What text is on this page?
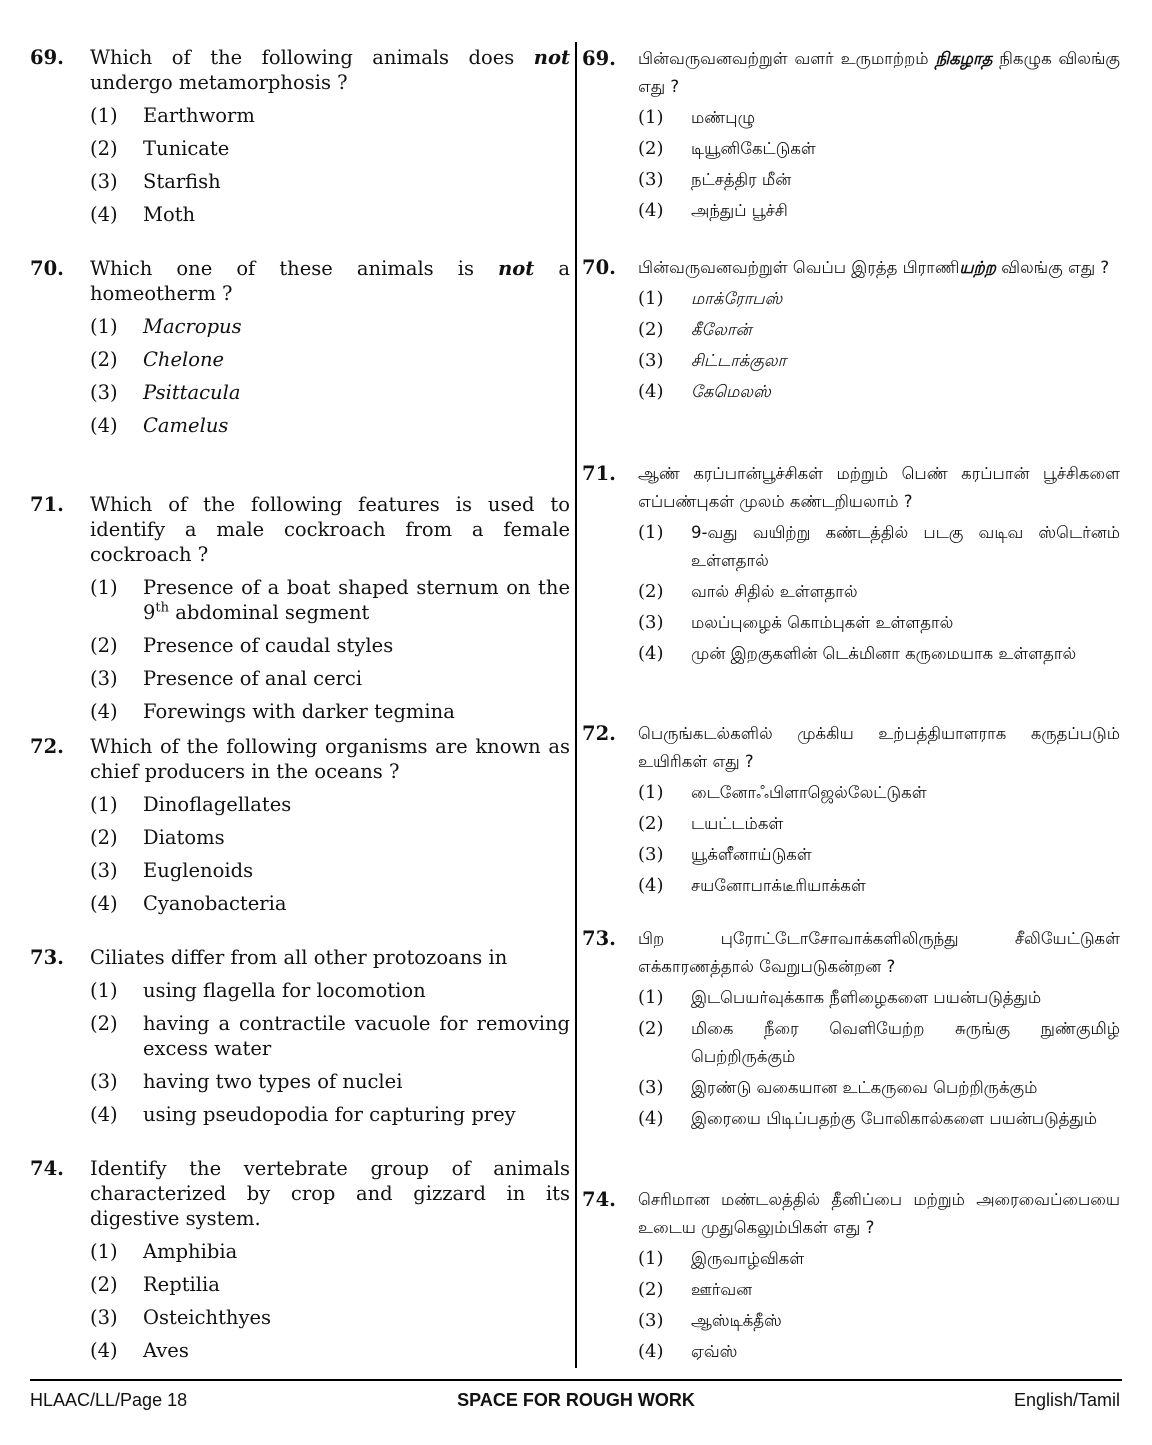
69. Which of the following animals does not undergo metamorphosis ?
(1) Earthworm
(2) Tunicate
(3) Starfish
(4) Moth
70. Which one of these animals is not a homeotherm ?
(1) Macropus
(2) Chelone
(3) Psittacula
(4) Camelus
71. Which of the following features is used to identify a male cockroach from a female cockroach ?
(1) Presence of a boat shaped sternum on the 9th abdominal segment
(2) Presence of caudal styles
(3) Presence of anal cerci
(4) Forewings with darker tegmina
72. Which of the following organisms are known as chief producers in the oceans ?
(1) Dinoflagellates
(2) Diatoms
(3) Euglenoids
(4) Cyanobacteria
73. Ciliates differ from all other protozoans in
(1) using flagella for locomotion
(2) having a contractile vacuole for removing excess water
(3) having two types of nuclei
(4) using pseudopodia for capturing prey
74. Identify the vertebrate group of animals characterized by crop and gizzard in its digestive system.
(1) Amphibia
(2) Reptilia
(3) Osteichthyes
(4) Aves
69. பின்வருவனவற்றுள் வளர் உருமாற்றம் நிகழாத நிகழுக விலங்கு எது ?
(1) மண்புழு
(2) டியூனிகேட்டுகள்
(3) நட்சத்திர மீன்
(4) அந்துப் பூச்சி
70. பின்வருவனவற்றுள் வெப்ப இரத்த பிராணியற்ற விலங்கு எது ?
(1) மாக்ரோபஸ்
(2) கீலோன்
(3) சிட்டாக்குலா
(4) கேமெலஸ்
71. ஆண் கரப்பான்பூச்சிகள் மற்றும் பெண் கரப்பான் பூச்சிகளை எப்பண்புகள் முலம் கண்டறியலாம் ?
(1) 9-வது வயிற்று கண்டத்தில் படகு வடிவ ஸ்டெர்னம் உள்ளதால்
(2) வால் சிதில் உள்ளதால்
(3) மலப்புழைக் கொம்புகள் உள்ளதால்
(4) முன் இறகுகளின் டெக்மினா கருமையாக உள்ளதால்
72. பெருங்கடல்களில் முக்கிய உற்பத்தியாளராக கருதப்படும் உயிரிகள் எது ?
(1) டைனோஃபிளாஜெல்லேட்டுகள்
(2) டயட்டம்கள்
(3) யூக்ளீனாய்டுகள்
(4) சயனோபாக்டீரியாக்கள்
73. பிற புரோட்டோசோவாக்களிலிருந்து சீலியேட்டுகள் எக்காரணத்தால் வேறுபடுகன்றன ?
(1) இடபெயர்வுக்காக நீளிழைகளை பயன்படுத்தும்
(2) மிகை நீரை வெளியேற்ற சுருங்கு நுண்குமிழ் பெற்றிருக்கும்
(3) இரண்டு வகையான உட்கருவை பெற்றிருக்கும்
(4) இரையை பிடிப்பதற்கு போலிகால்களை பயன்படுத்தும்
74. செரிமான மண்டலத்தில் தீனிப்பை மற்றும் அரைவைப்பையை உடைய முதுகெலும்பிகள் எது ?
(1) இருவாழ்விகள்
(2) ஊர்வன
(3) ஆஸ்டிக்தீஸ்
(4) ஏவ்ஸ்
HLAAC/LL/Page 18	SPACE FOR ROUGH WORK	English/Tamil
